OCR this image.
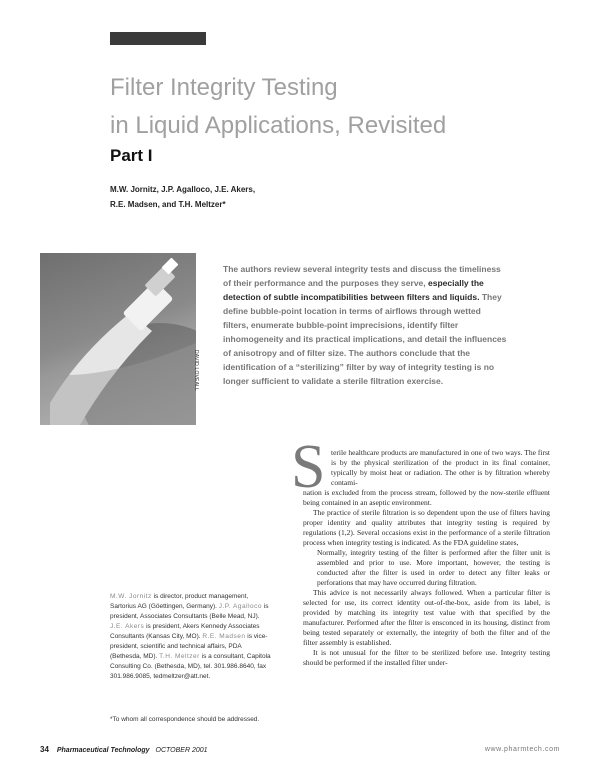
Filter Integrity Testing
in Liquid Applications, Revisited
Part I
M.W. Jornitz, J.P. Agalloco, J.E. Akers,
R.E. Madsen, and T.H. Meltzer*
DAVID LOVEALL

The authors review several integrity tests and discuss the timeliness of their performance and the purposes they serve, especially the detection of subtle incompatibilities between filters and liquids. They define bubble-point location in terms of airflows through wetted filters, enumerate bubble-point imprecisions, identify filter inhomogeneity and its practical implications, and detail the influences of anisotropy and of filter size. The authors conclude that the identification of a “sterilizing” filter by way of integrity testing is no longer sufficient to validate a sterile filtration exercise.

M.W. Jornitz is director, product management, Sartorius AG (Göettingen, Germany). J.P. Agalloco is president, Associates Consultants (Belle Mead, NJ). J.E. Akers is president, Akers Kennedy Associates Consultants (Kansas City, MO). R.E. Madsen is vice-president, scientific and technical affairs, PDA (Bethesda, MD). T.H. Meltzer is a consultant, Capitola Consulting Co. (Bethesda, MD), tel. 301.986.8640, fax 301.986.9085, tedmeltzer@att.net.

*To whom all correspondence should be addressed.

S terile healthcare products are manufactured in one of two ways. The first is by the physical sterilization of the product in its final container, typically by moist heat or radiation. The other is by filtration whereby contami-

nation is excluded from the process stream, followed by the now-sterile effluent being contained in an aseptic environment.

The practice of sterile filtration is so dependent upon the use of filters having proper identity and quality attributes that integrity testing is required by regulations (1,2). Several occasions exist in the performance of a sterile filtration process when integrity testing is indicated. As the FDA guideline states,

Normally, integrity testing of the filter is performed after the filter unit is assembled and prior to use. More important, however, the testing is conducted after the filter is used in order to detect any filter leaks or perforations that may have occurred during filtration.

This advice is not necessarily always followed. When a particular filter is selected for use, its correct identity out-of-the-box, aside from its label, is provided by matching its integrity test value with that specified by the manufacturer. Performed after the filter is ensconced in its housing, distinct from being tested separately or externally, the integrity of both the filter and of the filter assembly is established.

It is not unusual for the filter to be sterilized before use. Integrity testing should be performed if the installed filter under-

34 Pharmaceutical Technology OCTOBER 2001	www.pharmtech.com
